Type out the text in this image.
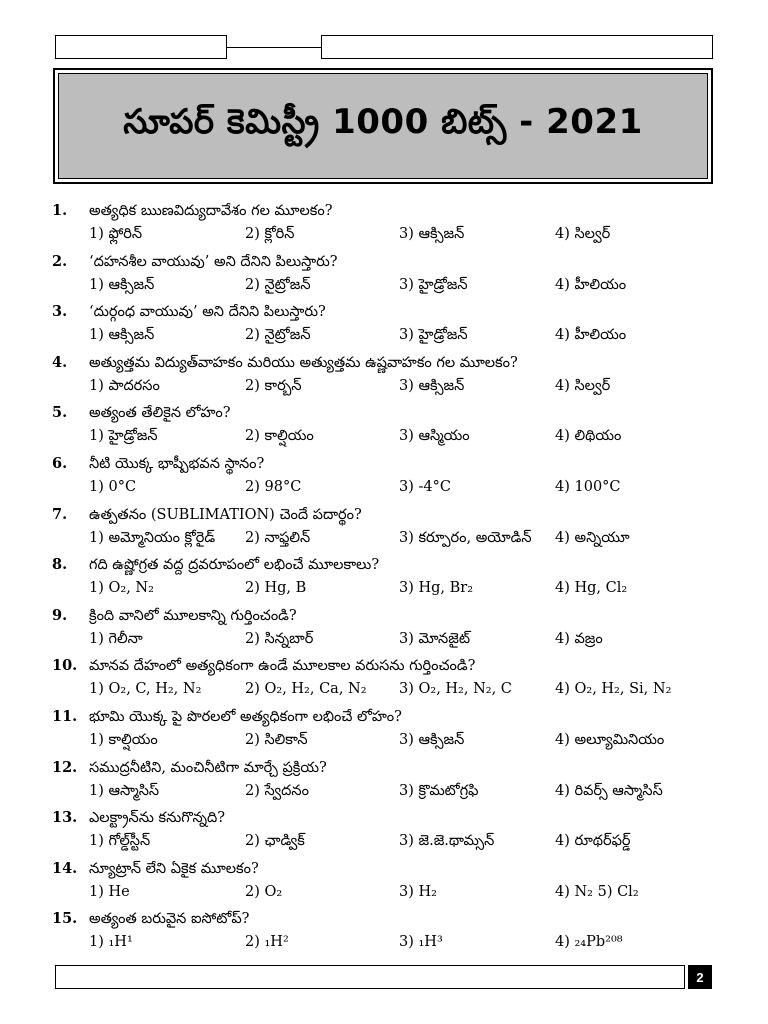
సూపర్ కెమిస్ట్రీ 1000 బిట్స్ - 2021
1.	అత్యధిక ఋణవిద్యుదావేశం గల మూలకం?
1) ఫ్లోరిన్	2) క్లోరిన్	3) ఆక్సిజన్	4) సిల్వర్
2.	‘దహనశీల వాయువు’ అని దేనిని పిలుస్తారు?
1) ఆక్సిజన్	2) నైట్రోజన్	3) హైడ్రోజన్	4) హీలియం
3.	‘దుర్గంధ వాయువు’ అని దేనిని పిలుస్తారు?
1) ఆక్సిజన్	2) నైట్రోజన్	3) హైడ్రోజన్	4) హీలియం
4.	అత్యుత్తమ విద్యుత్‌వాహకం మరియు అత్యుత్తమ ఉష్ణవాహకం గల మూలకం?
1) పాదరసం	2) కార్బన్	3) ఆక్సిజన్	4) సిల్వర్
5.	అత్యంత తేలికైన లోహం?
1) హైడ్రోజన్	2) కాల్షియం	3) ఆస్మియం	4) లిథియం
6.	నీటి యొక్క భాష్పీభవన స్థానం?
1) 0°C	2) 98°C	3) -4°C	4) 100°C
7.	ఉత్పతనం (SUBLIMATION) చెందే పదార్థం?
1) అమ్మోనియం క్లోరైడ్ 2) నాఫ్తలిన్	3) కర్పూరం, అయోడిన్ 4) అన్నియూ
8.	గది ఉష్ణోగ్రత వద్ద ద్రవరూపంలో లభించే మూలకాలు?
1) O₂, N₂	2) Hg, B	3) Hg, Br₂	4) Hg, Cl₂
9.	క్రింది వానిలో మూలకాన్ని గుర్తించండి?
1) గెలీనా	2) సిన్నబార్	3) మోనజైట్	4) వజ్రం
10. మానవ దేహంలో అత్యధికంగా ఉండే మూలకాల వరుసను గుర్తించండి?
1) O₂, C, H₂, N₂	2) O₂, H₂, Ca, N₂ 3) O₂, H₂, N₂, C	4) O₂, H₂, Si, N₂
11. భూమి యొక్క పై పొరలలో అత్యధికంగా లభించే లోహం?
1) కాల్షియం	2) సిలికాన్	3) ఆక్సిజన్	4) అల్యూమినియం
12. సముద్రనీటిని, మంచినీటిగా మార్చే ప్రక్రియ?
1) ఆస్మాసిస్	2) స్వేదనం	3) క్రొమటోగ్రఫి	4) రివర్స్ ఆస్మాసిస్
13. ఎలక్ట్రాన్‌ను కనుగొన్నది?
1) గోల్డ్‌స్టీన్	2) ఛాడ్విక్	3) జె.జె.థామ్సన్	4) రూథర్‌ఫర్డ్
14. న్యూట్రాన్ లేని ఏకైక మూలకం?
1) He	2) O₂	3) H₂	4) N₂ 5) Cl₂
15. అత్యంత బరువైన ఐసోటోప్?
1) ₁H¹	2) ₁H²	3) ₁H³	4) ₂₄Pb²⁰⁸
2
